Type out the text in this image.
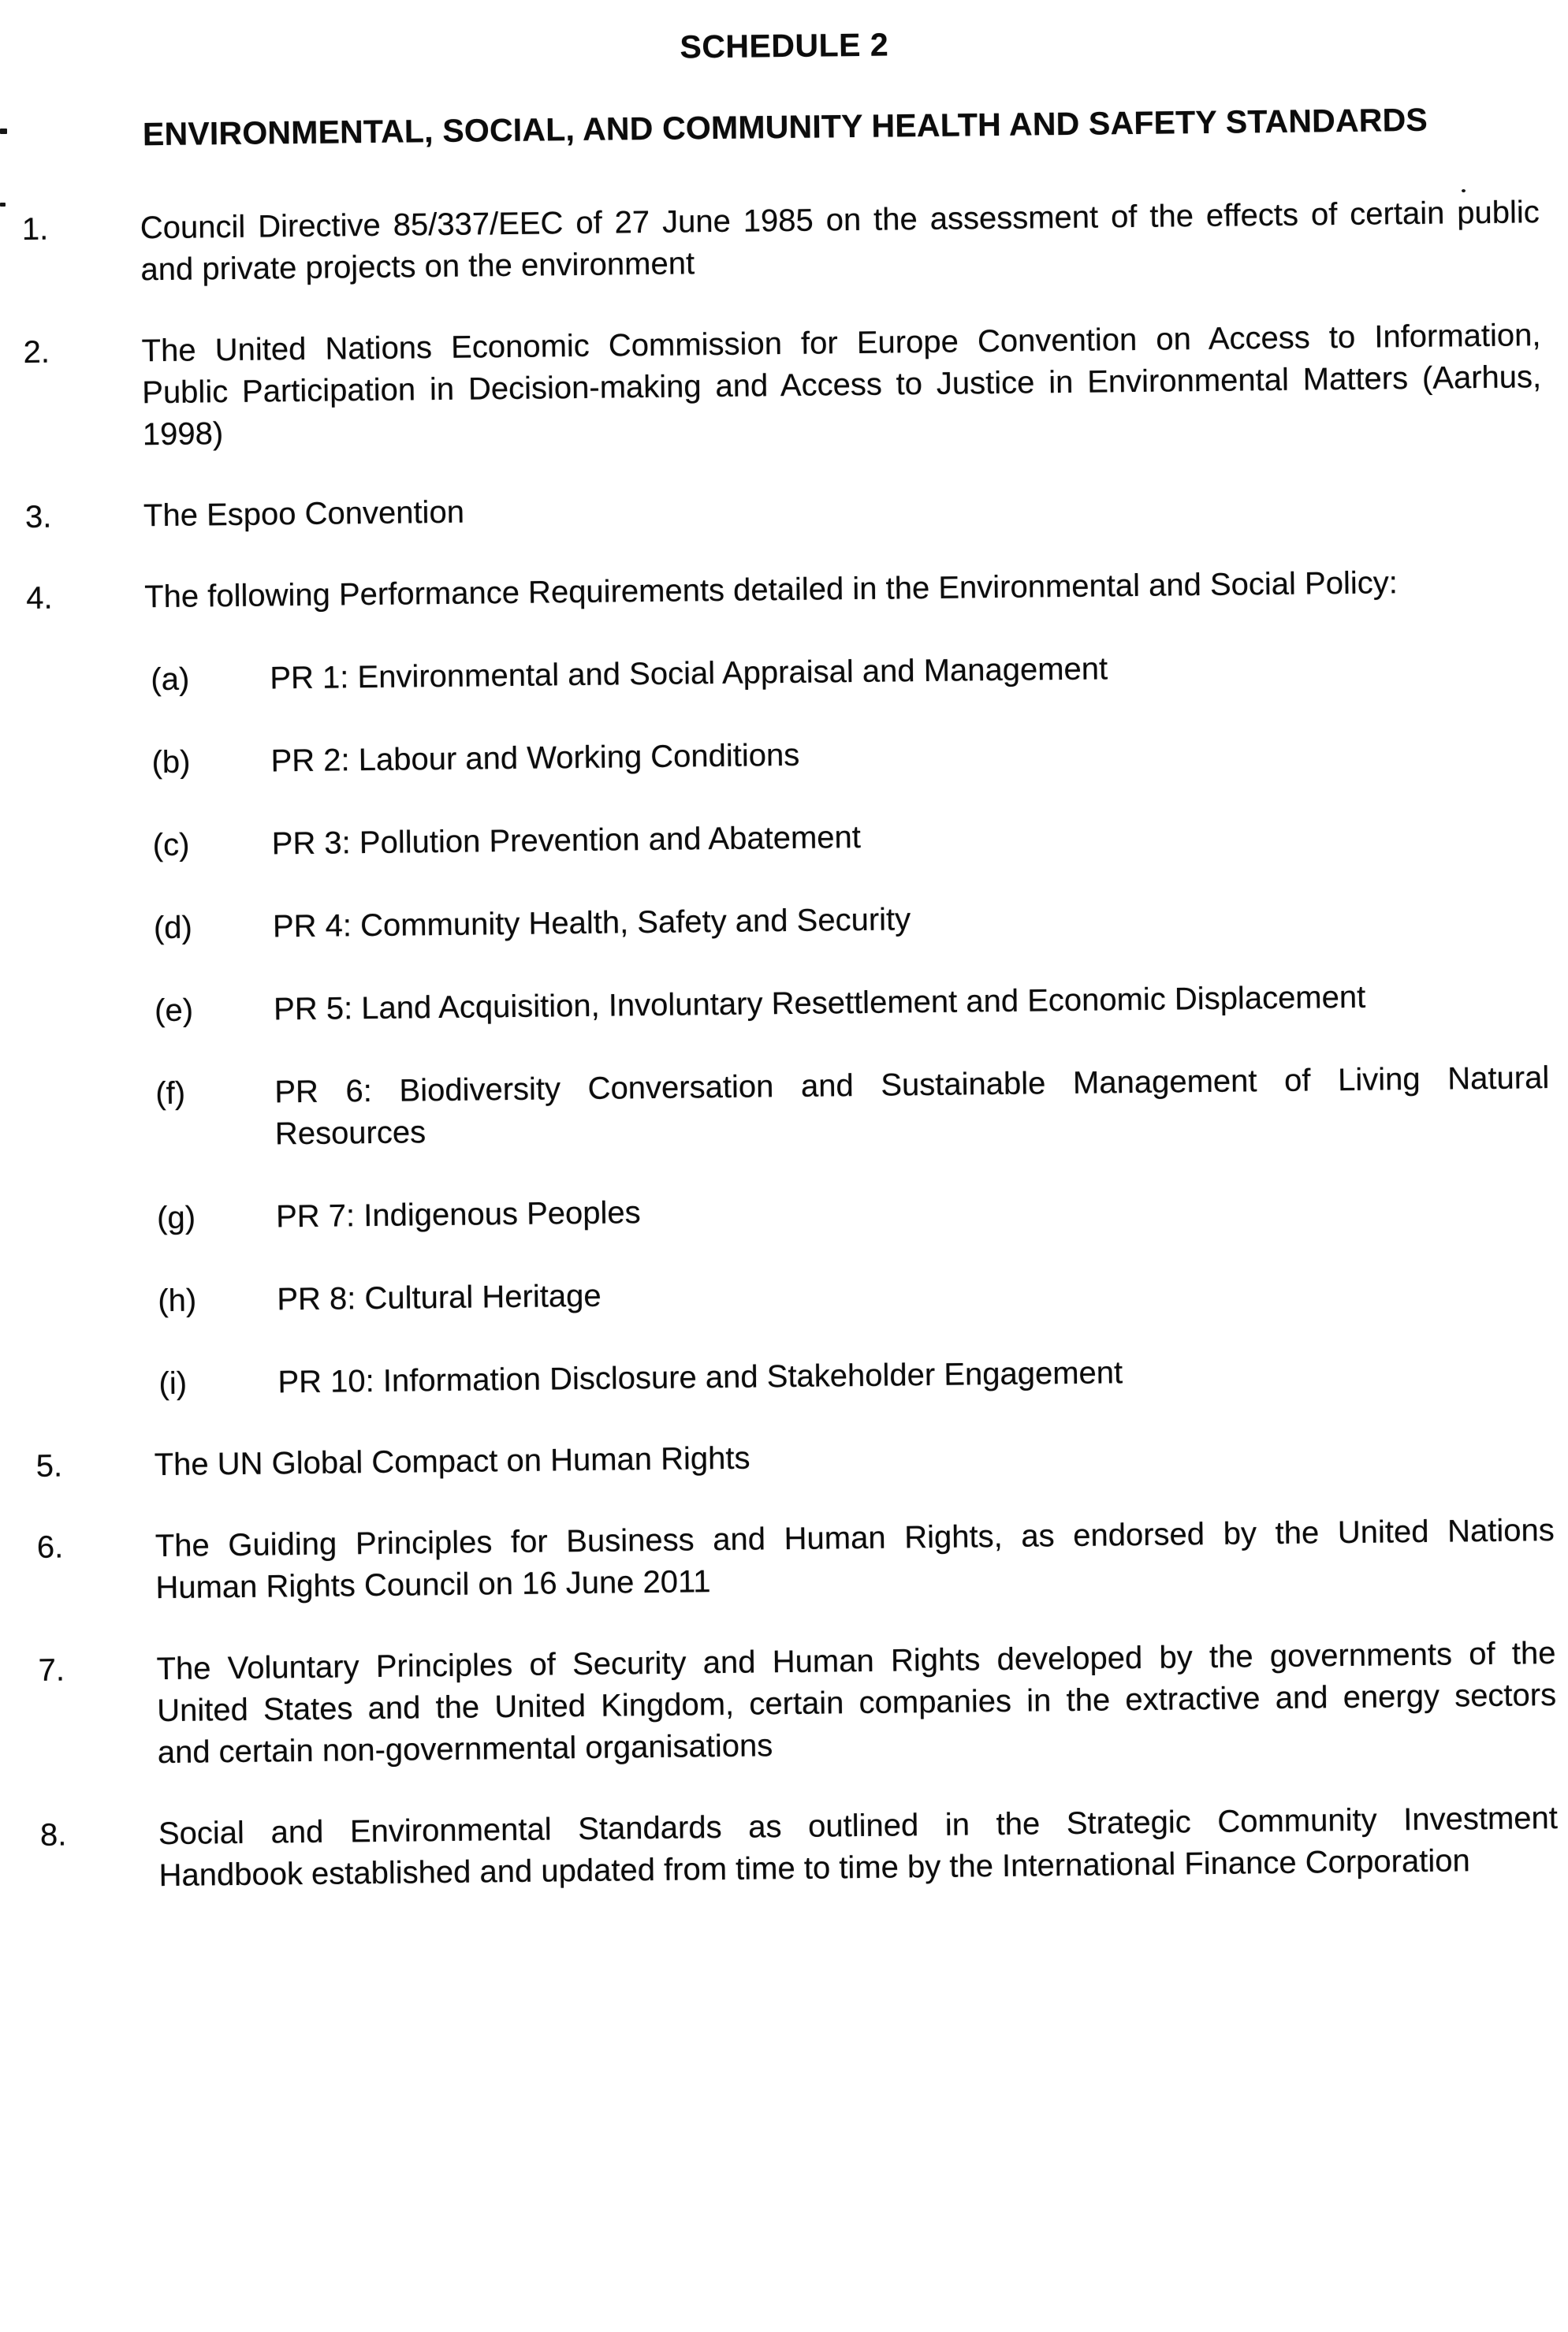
SCHEDULE 2
ENVIRONMENTAL, SOCIAL, AND COMMUNITY HEALTH AND SAFETY STANDARDS
1.	Council Directive 85/337/EEC of 27 June 1985 on the assessment of the effects of certain public
and private projects on the environment
2.	The United Nations Economic Commission for Europe Convention on Access to Information,
Public Participation in Decision-making and Access to Justice in Environmental Matters (Aarhus,
1998)
3.	The Espoo Convention
4.	The following Performance Requirements detailed in the Environmental and Social Policy:
(a)	PR 1: Environmental and Social Appraisal and Management
(b)	PR 2: Labour and Working Conditions
(c)	PR 3: Pollution Prevention and Abatement
(d)	PR 4: Community Health, Safety and Security
(e)	PR 5: Land Acquisition, Involuntary Resettlement and Economic Displacement
(f)	PR 6: Biodiversity Conversation and Sustainable Management of Living Natural
Resources
(g)	PR 7: Indigenous Peoples
(h)	PR 8: Cultural Heritage
(i)	PR 10: Information Disclosure and Stakeholder Engagement
5.	The UN Global Compact on Human Rights
6.	The Guiding Principles for Business and Human Rights, as endorsed by the United Nations
Human Rights Council on 16 June 2011
7.	The Voluntary Principles of Security and Human Rights developed by the governments of the
United States and the United Kingdom, certain companies in the extractive and energy sectors
and certain non-governmental organisations
8.	Social and Environmental Standards as outlined in the Strategic Community Investment
Handbook established and updated from time to time by the International Finance Corporation
